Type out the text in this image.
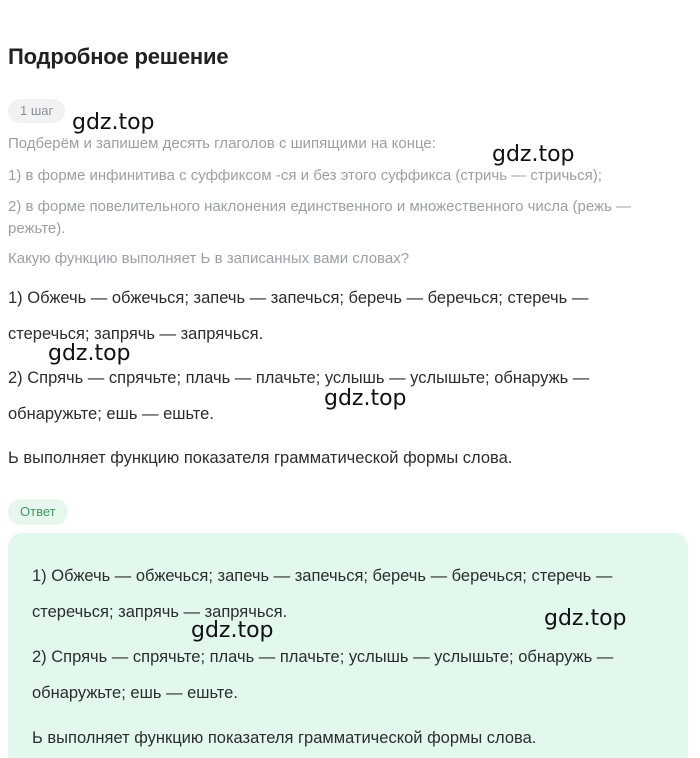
Подробное решение
1 шаг
Подберём и запишем десять глаголов с шипящими на конце:
1) в форме инфинитива с суффиксом -ся и без этого суффикса (стричь — стричься);
2) в форме повелительного наклонения единственного и множественного числа (режь — режьте).
Какую функцию выполняет Ь в записанных вами словах?
1) Обжечь — обжечься; запечь — запечься; беречь — беречься; стеречь — стеречься; запрячь — запрячься.
2) Спрячь — спрячьте; плачь — плачьте; услышь — услышьте; обнаружь — обнаружьте; ешь — ешьте.
Ь выполняет функцию показателя грамматической формы слова.
Ответ
1) Обжечь — обжечься; запечь — запечься; беречь — беречься; стеречь — стеречься; запрячь — запрячься.
2) Спрячь — спрячьте; плачь — плачьте; услышь — услышьте; обнаружь — обнаружьте; ешь — ешьте.
Ь выполняет функцию показателя грамматической формы слова.
gdz.top
gdz.top
gdz.top
gdz.top
gdz.top
gdz.top
